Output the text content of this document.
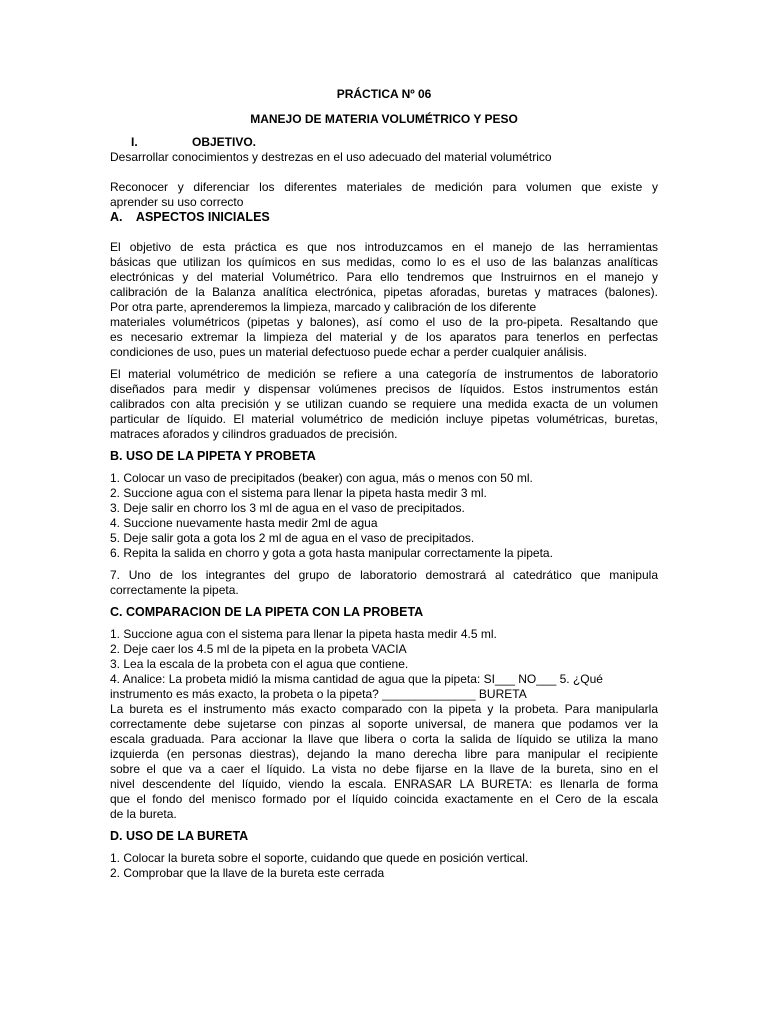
PRÁCTICA Nº 06

MANEJO DE MATERIA VOLUMÉTRICO Y PESO

I.	OBJETIVO.

Desarrollar conocimientos y destrezas en el uso adecuado del material volumétrico

Reconocer y diferenciar los diferentes materiales de medición para volumen que existe y

aprender su uso correcto

A.    ASPECTOS INICIALES

El objetivo de esta práctica es que nos introduzcamos en el manejo de las herramientas

básicas que utilizan los químicos en sus medidas, como lo es el uso de las balanzas analíticas

electrónicas y del material Volumétrico. Para ello tendremos que Instruirnos en el manejo y

calibración de la Balanza analítica electrónica, pipetas aforadas, buretas y matraces (balones).

Por otra parte, aprenderemos la limpieza, marcado y calibración de los diferente

materiales volumétricos (pipetas y balones), así como el uso de la pro-pipeta. Resaltando que

es necesario extremar la limpieza del material y de los aparatos para tenerlos en perfectas

condiciones de uso, pues un material defectuoso puede echar a perder cualquier análisis.

El material volumétrico de medición se refiere a una categoría de instrumentos de laboratorio

diseñados para medir y dispensar volúmenes precisos de líquidos. Estos instrumentos están

calibrados con alta precisión y se utilizan cuando se requiere una medida exacta de un volumen

particular de líquido. El material volumétrico de medición incluye pipetas volumétricas, buretas,

matraces aforados y cilindros graduados de precisión.

B. USO DE LA PIPETA Y PROBETA

1. Colocar un vaso de precipitados (beaker) con agua, más o menos con 50 ml.
2. Succione agua con el sistema para llenar la pipeta hasta medir 3 ml.
3. Deje salir en chorro los 3 ml de agua en el vaso de precipitados.
4. Succione nuevamente hasta medir 2ml de agua
5. Deje salir gota a gota los 2 ml de agua en el vaso de precipitados.
6. Repita la salida en chorro y gota a gota hasta manipular correctamente la pipeta.

7. Uno de los integrantes del grupo de laboratorio demostrará al catedrático que manipula

correctamente la pipeta.

C. COMPARACION DE LA PIPETA CON LA PROBETA

1. Succione agua con el sistema para llenar la pipeta hasta medir 4.5 ml.
2. Deje caer los 4.5 ml de la pipeta en la probeta VACIA
3. Lea la escala de la probeta con el agua que contiene.
4. Analice: La probeta midió la misma cantidad de agua que la pipeta: SI___ NO___ 5. ¿Qué
instrumento es más exacto, la probeta o la pipeta? ______________ BURETA

La bureta es el instrumento más exacto comparado con la pipeta y la probeta. Para manipularla

correctamente debe sujetarse con pinzas al soporte universal, de manera que podamos ver la

escala graduada. Para accionar la llave que libera o corta la salida de líquido se utiliza la mano

izquierda (en personas diestras), dejando la mano derecha libre para manipular el recipiente

sobre el que va a caer el líquido. La vista no debe fijarse en la llave de la bureta, sino en el

nivel descendente del líquido, viendo la escala. ENRASAR LA BURETA: es llenarla de forma

que el fondo del menisco formado por el líquido coincida exactamente en el Cero de la escala

de la bureta.

D. USO DE LA BURETA

1. Colocar la bureta sobre el soporte, cuidando que quede en posición vertical.
2. Comprobar que la llave de la bureta este cerrada
